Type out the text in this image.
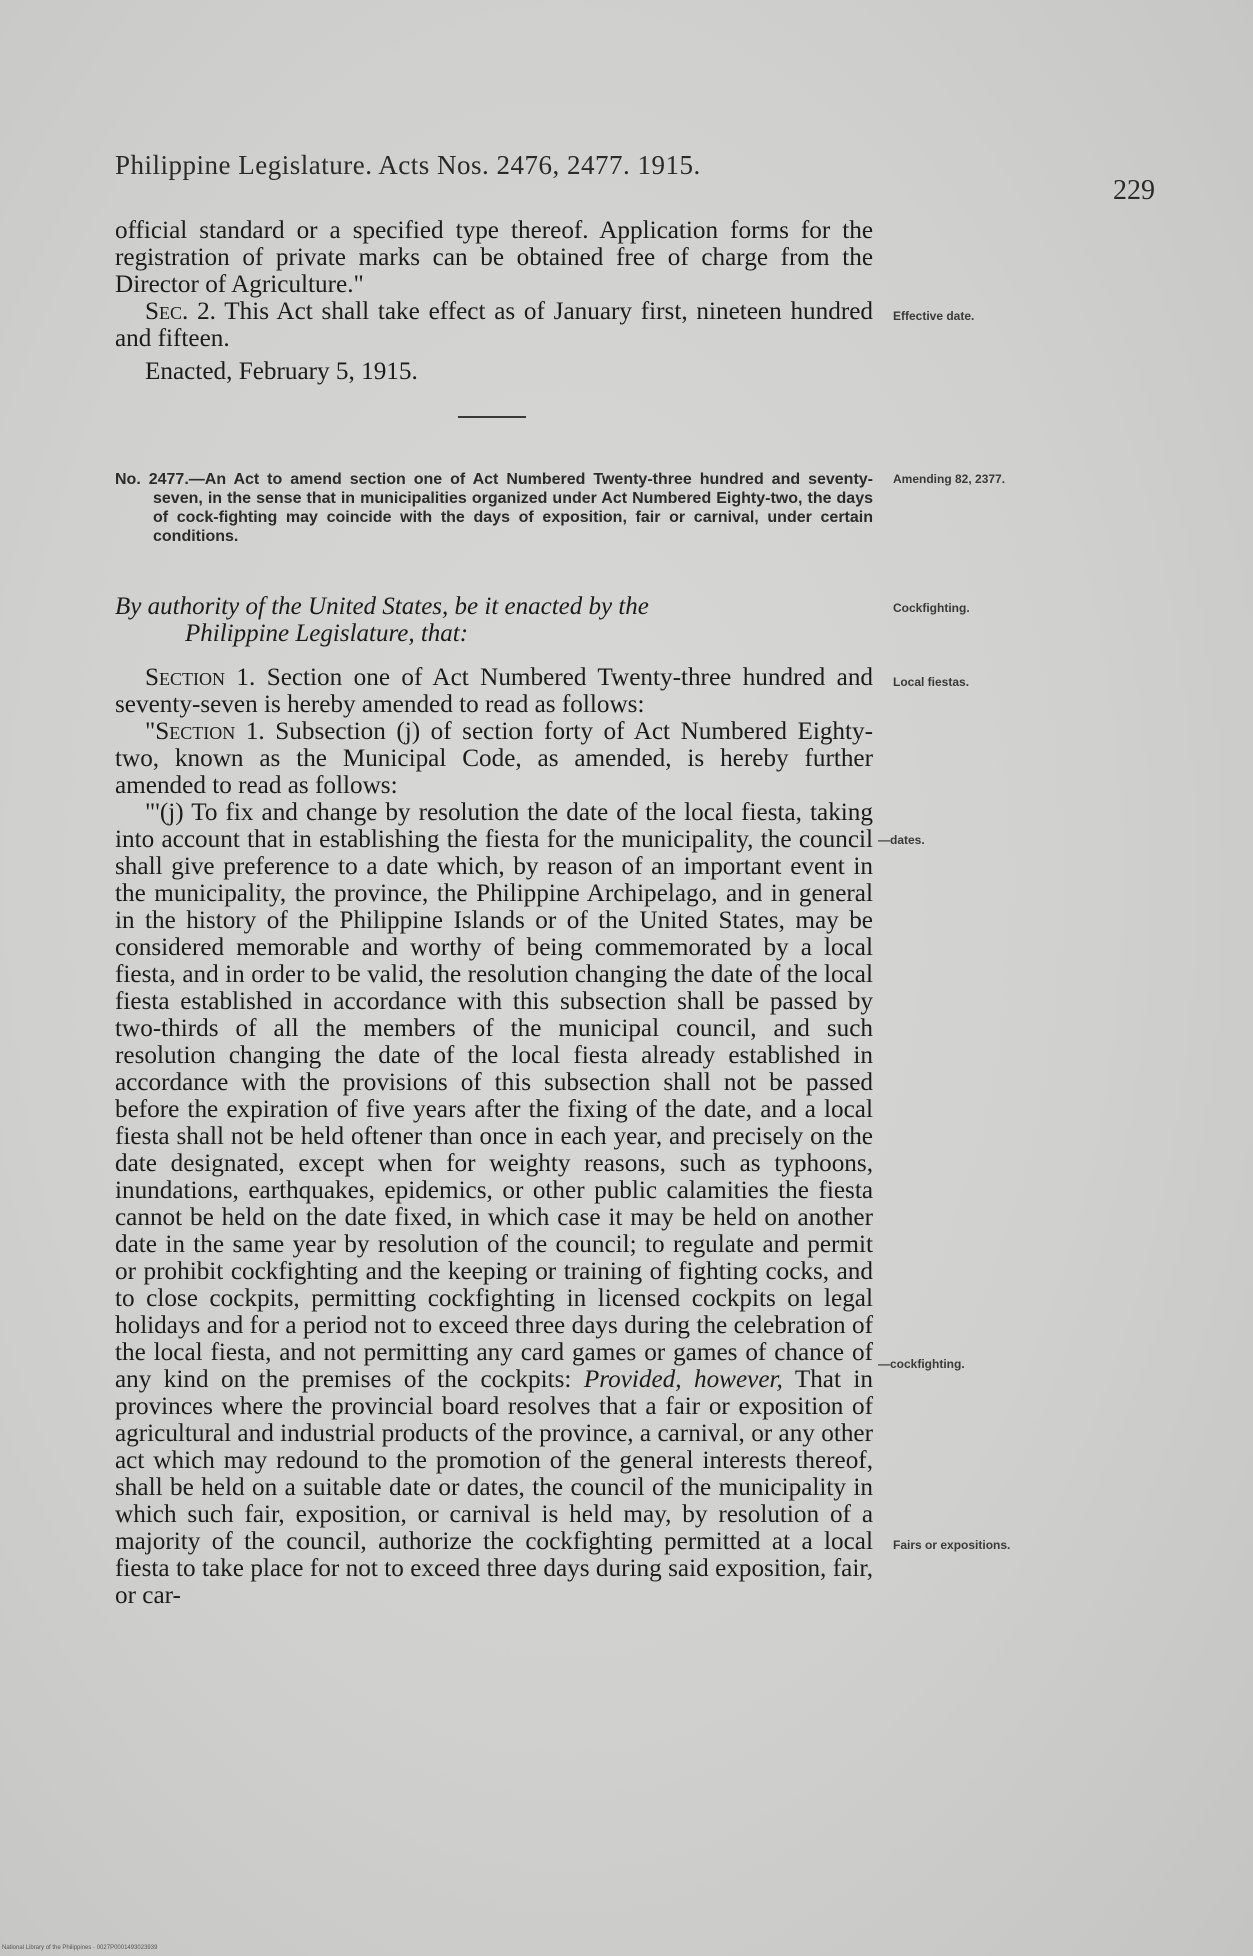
Philippine Legislature. Acts Nos. 2476, 2477. 1915.
229

official standard or a specified type thereof. Application forms for the registration of private marks can be obtained free of charge from the Director of Agriculture."

Sec. 2. This Act shall take effect as of January first, nineteen hundred and fifteen.

Enacted, February 5, 1915.

No. 2477.—An Act to amend section one of Act Numbered Twenty-three hundred and seventy-seven, in the sense that in municipalities organized under Act Numbered Eighty-two, the days of cock-fighting may coincide with the days of exposition, fair or carnival, under certain conditions.
By authority of the United States, be it enacted by the
Philippine Legislature, that:

Section 1. Section one of Act Numbered Twenty-three hundred and seventy-seven is hereby amended to read as follows:

"Section 1. Subsection (j) of section forty of Act Numbered Eighty-two, known as the Municipal Code, as amended, is hereby further amended to read as follows:

"'(j) To fix and change by resolution the date of the local fiesta, taking into account that in establishing the fiesta for the municipality, the council shall give preference to a date which, by reason of an important event in the municipality, the province, the Philippine Archipelago, and in general in the history of the Philippine Islands or of the United States, may be considered memorable and worthy of being commemorated by a local fiesta, and in order to be valid, the resolution changing the date of the local fiesta established in accordance with this subsection shall be passed by two-thirds of all the members of the municipal council, and such resolution changing the date of the local fiesta already established in accordance with the provisions of this subsection shall not be passed before the expiration of five years after the fixing of the date, and a local fiesta shall not be held oftener than once in each year, and precisely on the date designated, except when for weighty reasons, such as typhoons, inundations, earthquakes, epidemics, or other public calamities the fiesta cannot be held on the date fixed, in which case it may be held on another date in the same year by resolution of the council; to regulate and permit or prohibit cockfighting and the keeping or training of fighting cocks, and to close cockpits, permitting cockfighting in licensed cockpits on legal holidays and for a period not to exceed three days during the celebration of the local fiesta, and not permitting any card games or games of chance of any kind on the premises of the cockpits: Provided, however, That in provinces where the provincial board resolves that a fair or exposition of agricultural and industrial products of the province, a carnival, or any other act which may redound to the promotion of the general interests thereof, shall be held on a suitable date or dates, the council of the municipality in which such fair, exposition, or carnival is held may, by resolution of a majority of the council, authorize the cockfighting permitted at a local fiesta to take place for not to exceed three days during said exposition, fair, or car-

Effective date.
Amending 82, 2377.
Cockfighting.
Local fiestas.
—dates.
—cockfighting.
Fairs or expositions.
National Library of the Philippines · 0027P0001493023939
